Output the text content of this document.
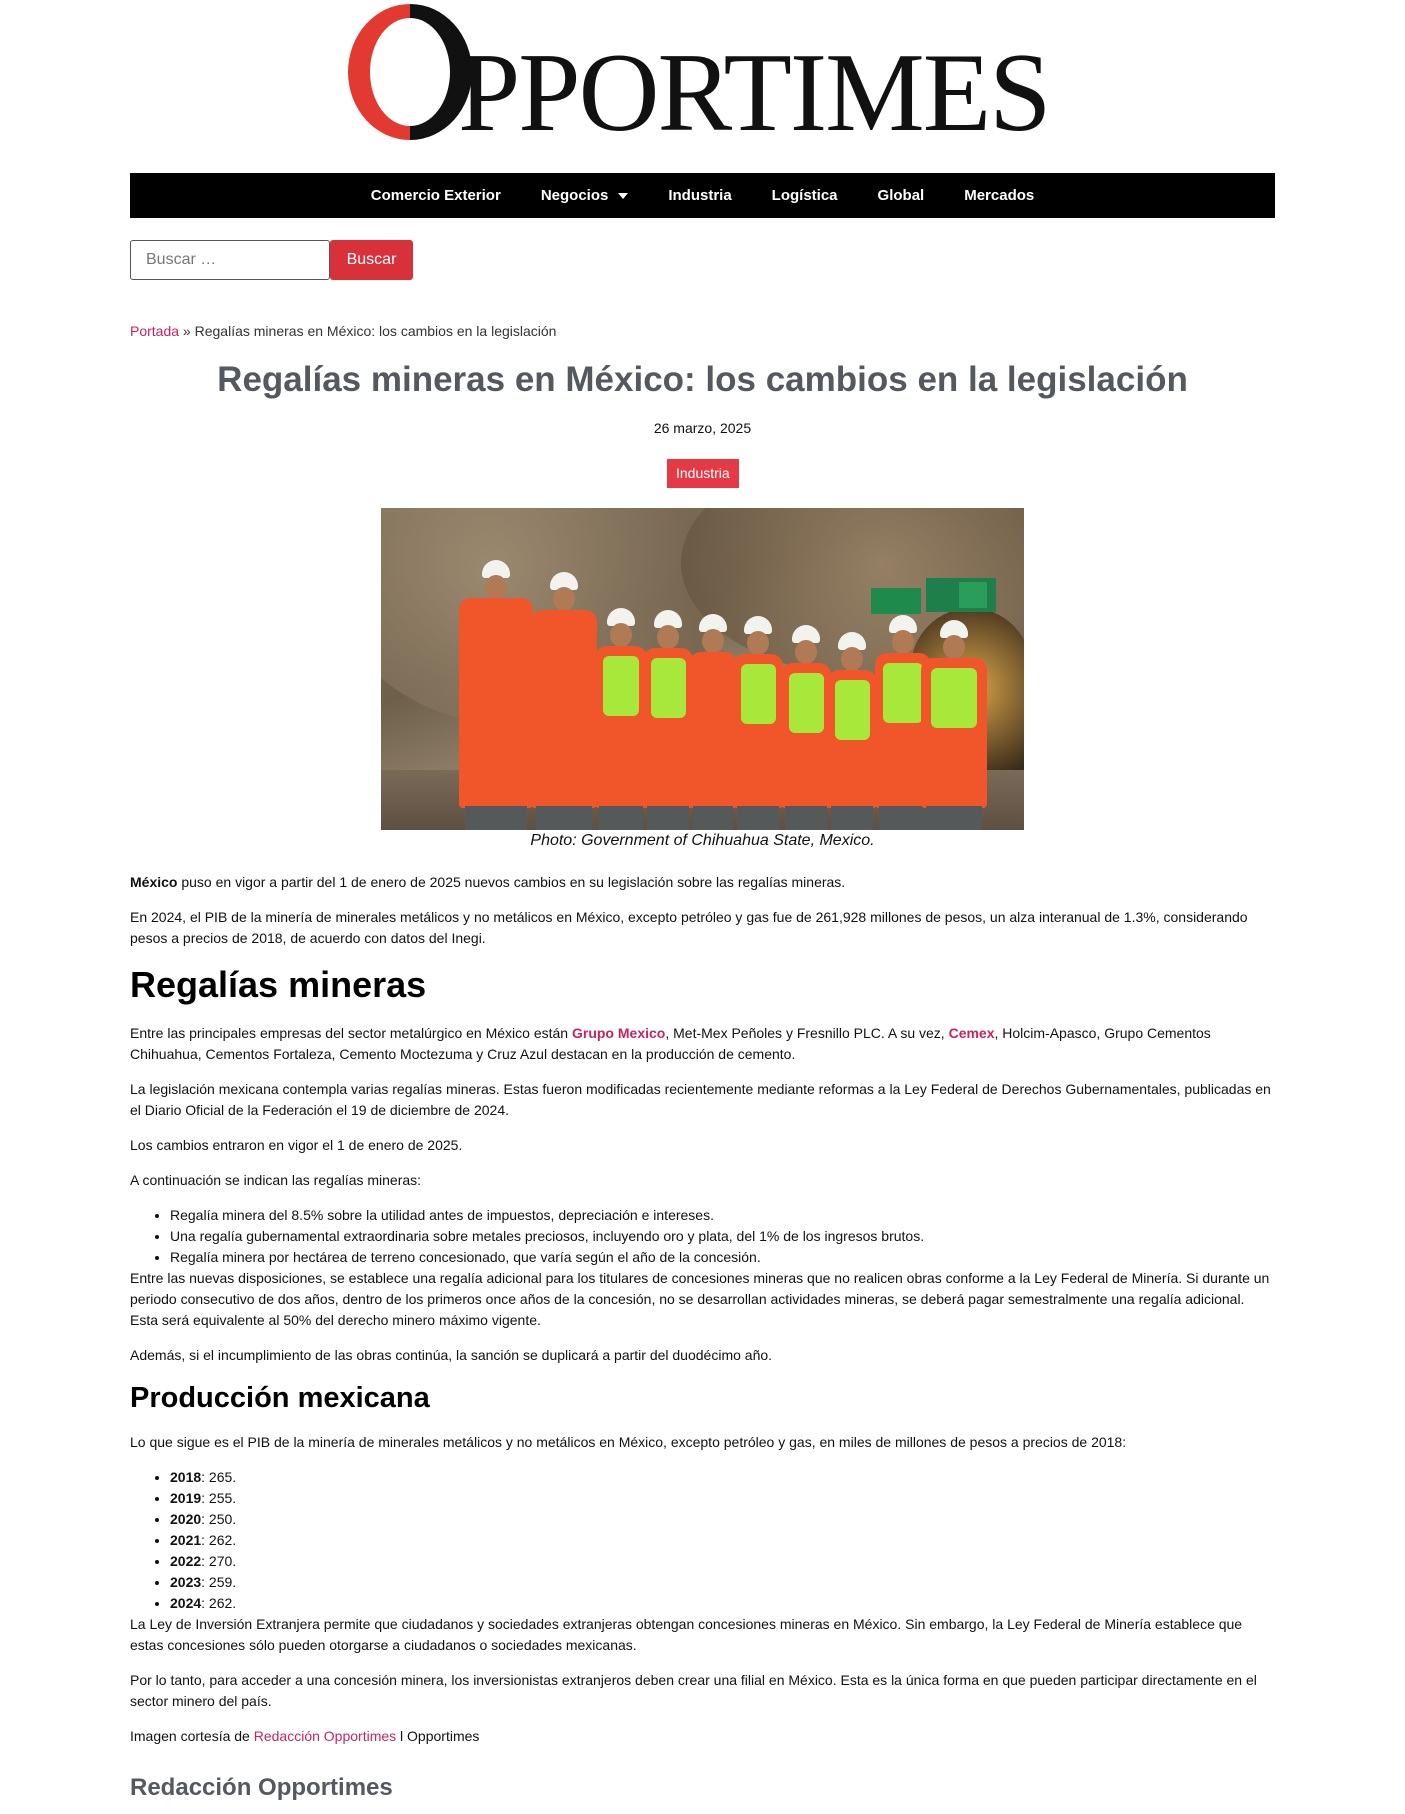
PPORTIMES
Comercio Exterior	Negocios	Industria	Logística	Global	Mercados
Buscar …
Buscar
Portada » Regalías mineras en México: los cambios en la legislación
Regalías mineras en México: los cambios en la legislación
26 marzo, 2025
Industria
Photo: Government of Chihuahua State, Mexico.

México puso en vigor a partir del 1 de enero de 2025 nuevos cambios en su legislación sobre las regalías mineras.

En 2024, el PIB de la minería de minerales metálicos y no metálicos en México, excepto petróleo y gas fue de 261,928 millones de pesos, un alza interanual de 1.3%, considerando pesos a precios de 2018, de acuerdo con datos del Inegi.

Regalías mineras

Entre las principales empresas del sector metalúrgico en México están Grupo Mexico, Met-Mex Peñoles y Fresnillo PLC. A su vez, Cemex, Holcim-Apasco, Grupo Cementos Chihuahua, Cementos Fortaleza, Cemento Moctezuma y Cruz Azul destacan en la producción de cemento.

La legislación mexicana contempla varias regalías mineras. Estas fueron modificadas recientemente mediante reformas a la Ley Federal de Derechos Gubernamentales, publicadas en el Diario Oficial de la Federación el 19 de diciembre de 2024.

Los cambios entraron en vigor el 1 de enero de 2025.

A continuación se indican las regalías mineras:

• Regalía minera del 8.5% sobre la utilidad antes de impuestos, depreciación e intereses.
• Una regalía gubernamental extraordinaria sobre metales preciosos, incluyendo oro y plata, del 1% de los ingresos brutos.
• Regalía minera por hectárea de terreno concesionado, que varía según el año de la concesión.

Entre las nuevas disposiciones, se establece una regalía adicional para los titulares de concesiones mineras que no realicen obras conforme a la Ley Federal de Minería. Si durante un periodo consecutivo de dos años, dentro de los primeros once años de la concesión, no se desarrollan actividades mineras, se deberá pagar semestralmente una regalía adicional. Esta será equivalente al 50% del derecho minero máximo vigente.

Además, si el incumplimiento de las obras continúa, la sanción se duplicará a partir del duodécimo año.

Producción mexicana

Lo que sigue es el PIB de la minería de minerales metálicos y no metálicos en México, excepto petróleo y gas, en miles de millones de pesos a precios de 2018:

• 2018: 265.
• 2019: 255.
• 2020: 250.
• 2021: 262.
• 2022: 270.
• 2023: 259.
• 2024: 262.

La Ley de Inversión Extranjera permite que ciudadanos y sociedades extranjeras obtengan concesiones mineras en México. Sin embargo, la Ley Federal de Minería establece que estas concesiones sólo pueden otorgarse a ciudadanos o sociedades mexicanas.

Por lo tanto, para acceder a una concesión minera, los inversionistas extranjeros deben crear una filial en México. Esta es la única forma en que pueden participar directamente en el sector minero del país.

Imagen cortesía de Redacción Opportimes l Opportimes

Redacción Opportimes
